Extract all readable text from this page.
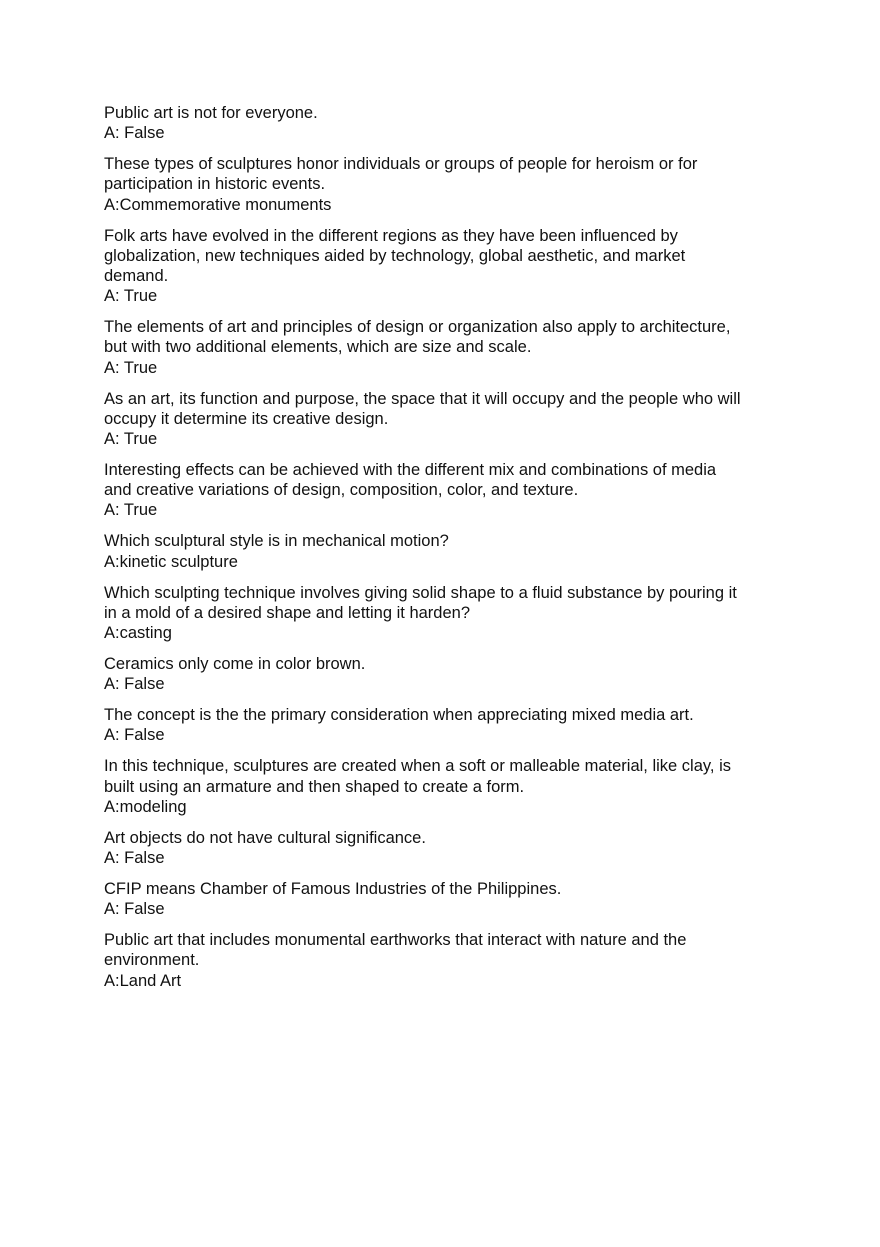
Public art is not for everyone.
A: False
These types of sculptures honor individuals or groups of people for heroism or for
participation in historic events.
A:Commemorative monuments
Folk arts have evolved in the different regions as they have been influenced by
globalization, new techniques aided by technology, global aesthetic, and market
demand.
A: True
The elements of art and principles of design or organization also apply to architecture,
but with two additional elements, which are size and scale.
A: True
As an art, its function and purpose, the space that it will occupy and the people who will
occupy it determine its creative design.
A: True
Interesting effects can be achieved with the different mix and combinations of media
and creative variations of design, composition, color, and texture.
A: True
Which sculptural style is in mechanical motion?
A:kinetic sculpture
Which sculpting technique involves giving solid shape to a fluid substance by pouring it
in a mold of a desired shape and letting it harden?
A:casting
Ceramics only come in color brown.
A: False
The concept is the the primary consideration when appreciating mixed media art.
A: False
In this technique, sculptures are created when a soft or malleable material, like clay, is
built using an armature and then shaped to create a form.
A:modeling
Art objects do not have cultural significance.
A: False
CFIP means Chamber of Famous Industries of the Philippines.
A: False
Public art that includes monumental earthworks that interact with nature and the
environment.
A:Land Art
